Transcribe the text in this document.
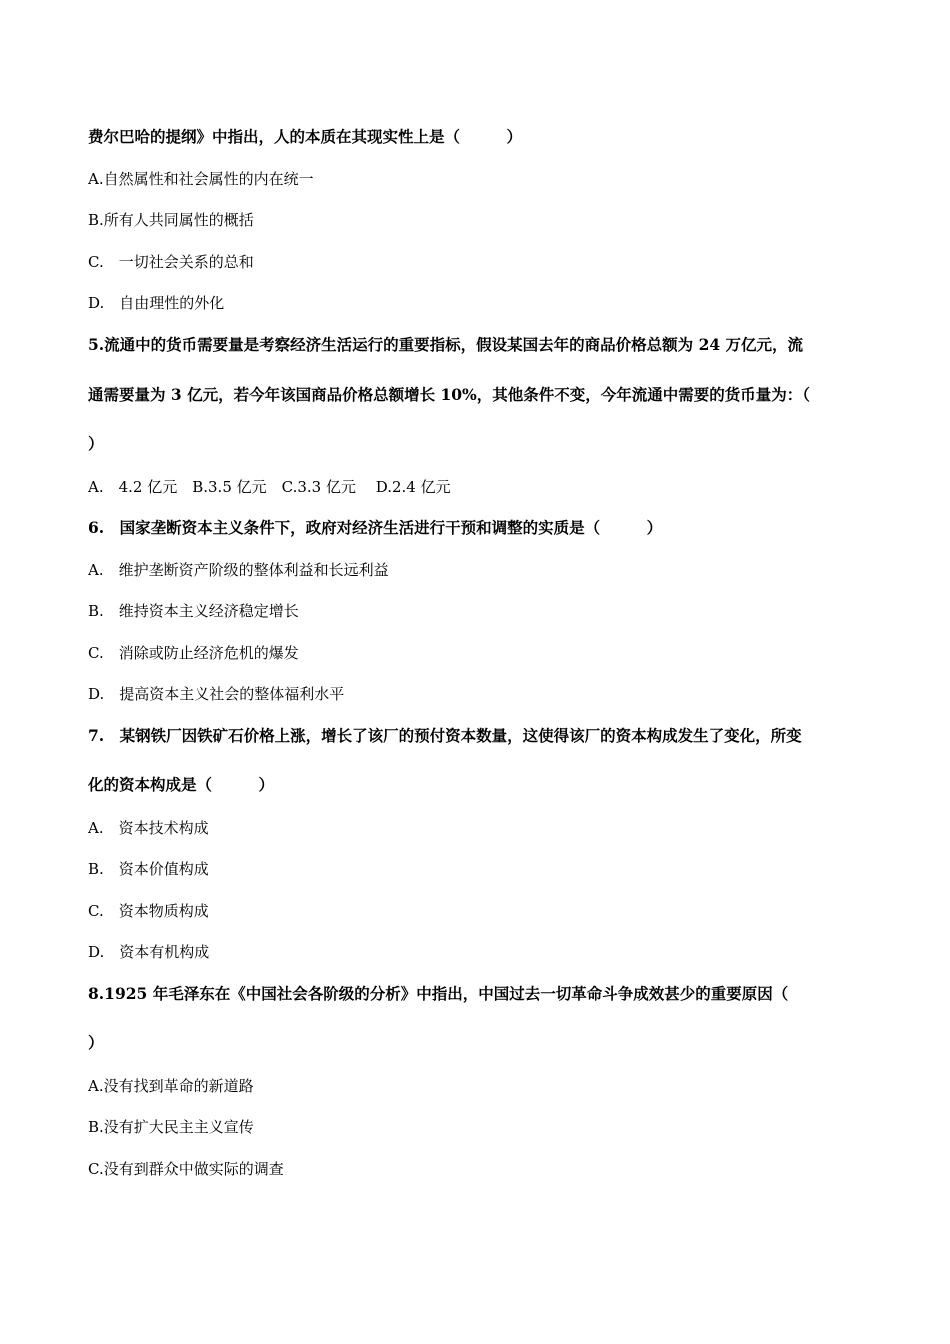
费尔巴哈的提纲》中指出，人的本质在其现实性上是（　　　）
A.自然属性和社会属性的内在统一
B.所有人共同属性的概括
C.　一切社会关系的总和
D.　自由理性的外化
5.流通中的货币需要量是考察经济生活运行的重要指标，假设某国去年的商品价格总额为 24 万亿元，流
通需要量为 3 亿元，若今年该国商品价格总额增长 10%，其他条件不变，今年流通中需要的货币量为：（
）
A.　4.2 亿元　B.3.5 亿元　C.3.3 亿元　 D.2.4 亿元
6.　国家垄断资本主义条件下，政府对经济生活进行干预和调整的实质是（　　　）
A.　维护垄断资产阶级的整体利益和长远利益
B.　维持资本主义经济稳定增长
C.　消除或防止经济危机的爆发
D.　提高资本主义社会的整体福利水平
7.　某钢铁厂因铁矿石价格上涨，增长了该厂的预付资本数量，这使得该厂的资本构成发生了变化，所变
化的资本构成是（　　　）
A.　资本技术构成
B.　资本价值构成
C.　资本物质构成
D.　资本有机构成
8.1925 年毛泽东在《中国社会各阶级的分析》中指出，中国过去一切革命斗争成效甚少的重要原因（
）
A.没有找到革命的新道路
B.没有扩大民主主义宣传
C.没有到群众中做实际的调查
